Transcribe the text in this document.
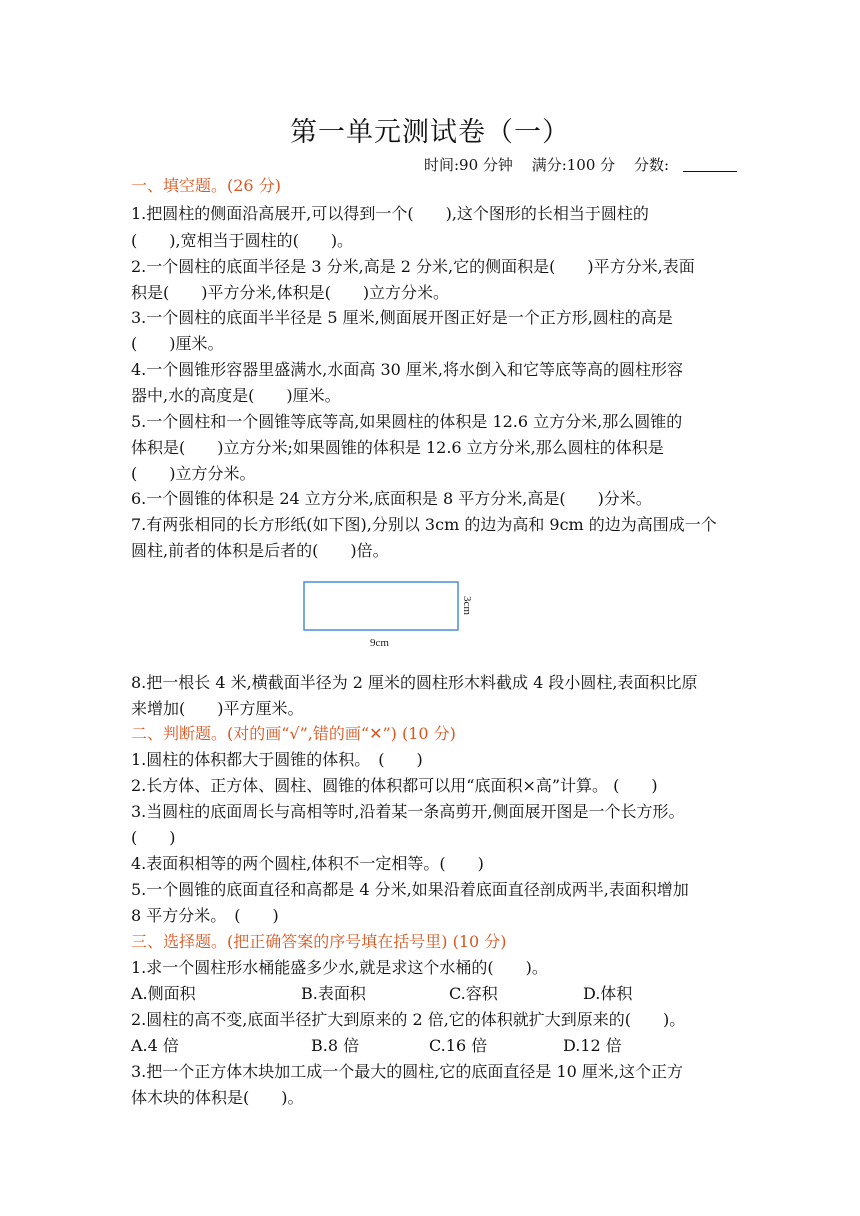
第一单元测试卷（一）
时间:90 分钟 满分:100 分 分数:
一、填空题。(26 分)
1.把圆柱的侧面沿高展开,可以得到一个(　　),这个图形的长相当于圆柱的
(　　),宽相当于圆柱的(　　)。
2.一个圆柱的底面半径是 3 分米,高是 2 分米,它的侧面积是(　　)平方分米,表面
积是(　　)平方分米,体积是(　　)立方分米。
3.一个圆柱的底面半半径是 5 厘米,侧面展开图正好是一个正方形,圆柱的高是
(　　)厘米。
4.一个圆锥形容器里盛满水,水面高 30 厘米,将水倒入和它等底等高的圆柱形容
器中,水的高度是(　　)厘米。
5.一个圆柱和一个圆锥等底等高,如果圆柱的体积是 12.6 立方分米,那么圆锥的
体积是(　　)立方分米;如果圆锥的体积是 12.6 立方分米,那么圆柱的体积是
(　　)立方分米。
6.一个圆锥的体积是 24 立方分米,底面积是 8 平方分米,高是(　　)分米。
7.有两张相同的长方形纸(如下图),分别以 3cm 的边为高和 9cm 的边为高围成一个
圆柱,前者的体积是后者的(　　)倍。
9cm
3cm
8.把一根长 4 米,横截面半径为 2 厘米的圆柱形木料截成 4 段小圆柱,表面积比原
来增加(　　)平方厘米。
二、判断题。(对的画“√”,错的画“✕”) (10 分)
1.圆柱的体积都大于圆锥的体积。　(　　)
2.长方体、正方体、圆柱、圆锥的体积都可以用“底面积×高”计算。 (　　)
3.当圆柱的底面周长与高相等时,沿着某一条高剪开,侧面展开图是一个长方形。
(　　)
4.表面积相等的两个圆柱,体积不一定相等。(　　)
5.一个圆锥的底面直径和高都是 4 分米,如果沿着底面直径剖成两半,表面积增加
8 平方分米。　(　　)
三、选择题。(把正确答案的序号填在括号里) (10 分)
1.求一个圆柱形水桶能盛多少水,就是求这个水桶的(　　)。
A.侧面积	B.表面积	C.容积	D.体积
2.圆柱的高不变,底面半径扩大到原来的 2 倍,它的体积就扩大到原来的(　　)。
A.4 倍	B.8 倍	C.16 倍	D.12 倍
3.把一个正方体木块加工成一个最大的圆柱,它的底面直径是 10 厘米,这个正方
体木块的体积是(　　)。
